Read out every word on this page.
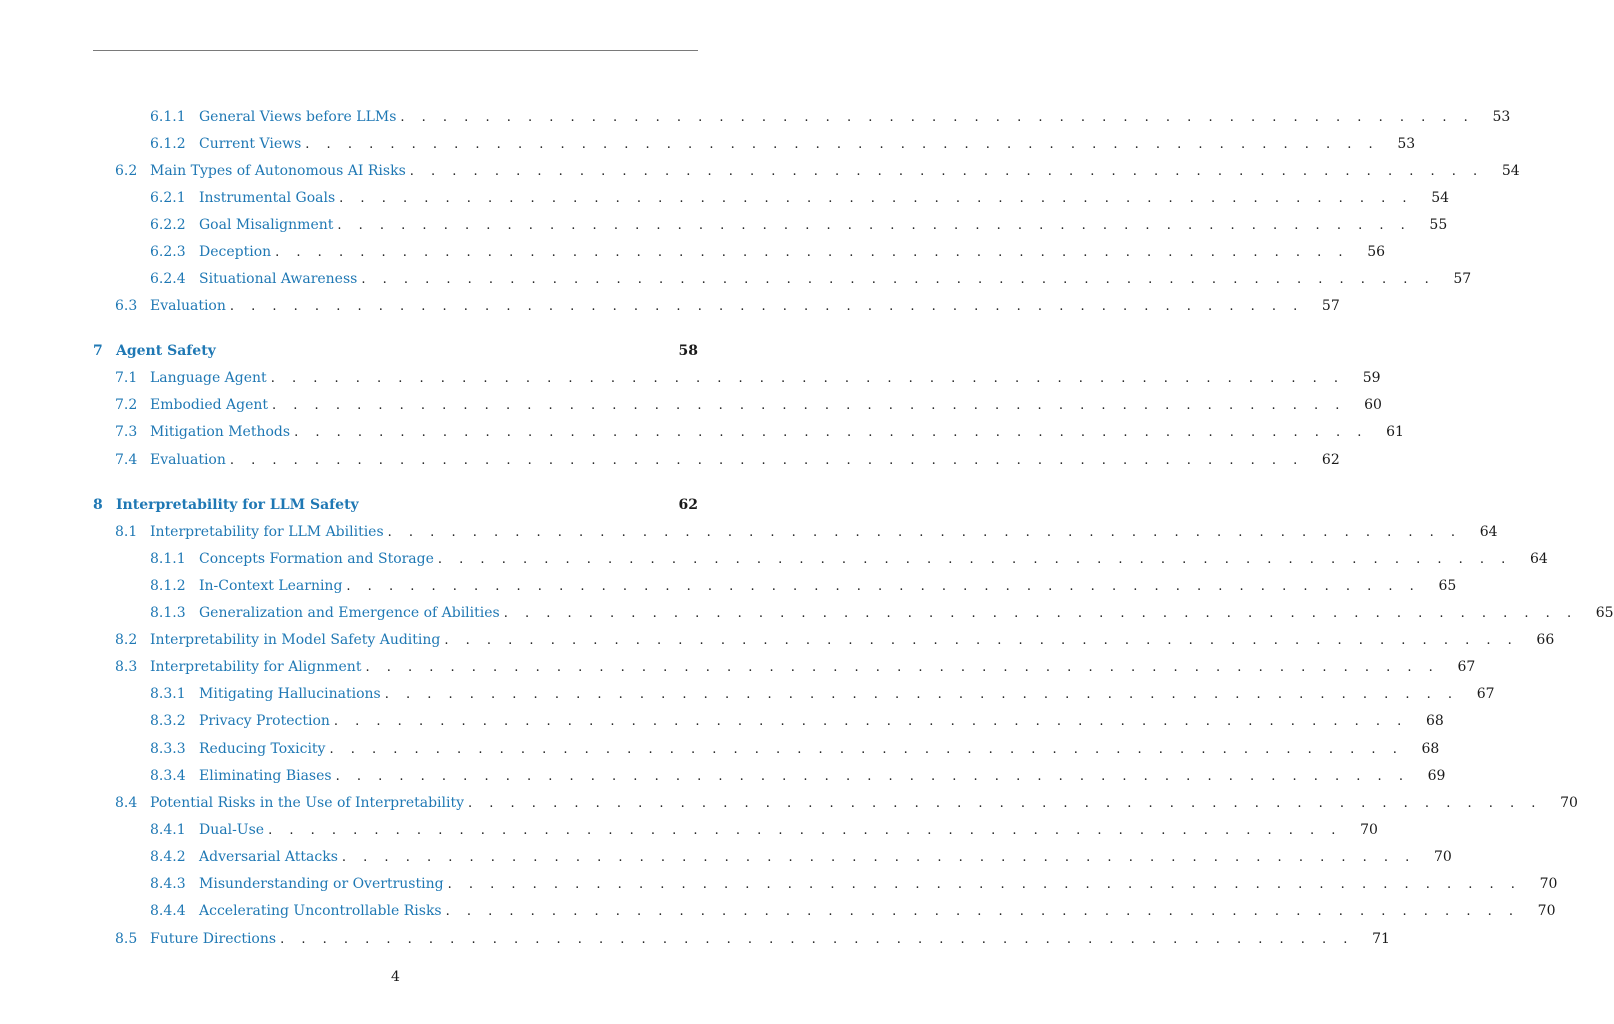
6.1.1 General Views before LLMs . . . . . . . . . . . . . . . . . . . . . . . . . . . . . . . . . . . . . . . . . . . . . . . . . . .	53
6.1.2 Current Views . . . . . . . . . . . . . . . . . . . . . . . . . . . . . . . . . . . . . . . . . . . . . . . . . . .	53
6.2 Main Types of Autonomous AI Risks . . . . . . . . . . . . . . . . . . . . . . . . . . . . . . . . . . . . . . . . . . . . . . . . . . .	54
6.2.1 Instrumental Goals . . . . . . . . . . . . . . . . . . . . . . . . . . . . . . . . . . . . . . . . . . . . . . . . . . .	54
6.2.2 Goal Misalignment . . . . . . . . . . . . . . . . . . . . . . . . . . . . . . . . . . . . . . . . . . . . . . . . . . .	55
6.2.3 Deception . . . . . . . . . . . . . . . . . . . . . . . . . . . . . . . . . . . . . . . . . . . . . . . . . . .	56
6.2.4 Situational Awareness . . . . . . . . . . . . . . . . . . . . . . . . . . . . . . . . . . . . . . . . . . . . . . . . . . .	57
6.3 Evaluation . . . . . . . . . . . . . . . . . . . . . . . . . . . . . . . . . . . . . . . . . . . . . . . . . . .	57
7 Agent Safety	58
7.1 Language Agent . . . . . . . . . . . . . . . . . . . . . . . . . . . . . . . . . . . . . . . . . . . . . . . . . . .	59
7.2 Embodied Agent . . . . . . . . . . . . . . . . . . . . . . . . . . . . . . . . . . . . . . . . . . . . . . . . . . .	60
7.3 Mitigation Methods . . . . . . . . . . . . . . . . . . . . . . . . . . . . . . . . . . . . . . . . . . . . . . . . . . .	61
7.4 Evaluation . . . . . . . . . . . . . . . . . . . . . . . . . . . . . . . . . . . . . . . . . . . . . . . . . . .	62
8 Interpretability for LLM Safety	62
8.1 Interpretability for LLM Abilities . . . . . . . . . . . . . . . . . . . . . . . . . . . . . . . . . . . . . . . . . . . . . . . . . . .	64
8.1.1 Concepts Formation and Storage . . . . . . . . . . . . . . . . . . . . . . . . . . . . . . . . . . . . . . . . . . . . . . . . . . .	64
8.1.2 In-Context Learning . . . . . . . . . . . . . . . . . . . . . . . . . . . . . . . . . . . . . . . . . . . . . . . . . . .	65
8.1.3 Generalization and Emergence of Abilities . . . . . . . . . . . . . . . . . . . . . . . . . . . . . . . . . . . . . . . . . . . . . . . . . . .	65
8.2 Interpretability in Model Safety Auditing . . . . . . . . . . . . . . . . . . . . . . . . . . . . . . . . . . . . . . . . . . . . . . . . . . .	66
8.3 Interpretability for Alignment . . . . . . . . . . . . . . . . . . . . . . . . . . . . . . . . . . . . . . . . . . . . . . . . . . .	67
8.3.1 Mitigating Hallucinations . . . . . . . . . . . . . . . . . . . . . . . . . . . . . . . . . . . . . . . . . . . . . . . . . . .	67
8.3.2 Privacy Protection . . . . . . . . . . . . . . . . . . . . . . . . . . . . . . . . . . . . . . . . . . . . . . . . . . .	68
8.3.3 Reducing Toxicity . . . . . . . . . . . . . . . . . . . . . . . . . . . . . . . . . . . . . . . . . . . . . . . . . . .	68
8.3.4 Eliminating Biases . . . . . . . . . . . . . . . . . . . . . . . . . . . . . . . . . . . . . . . . . . . . . . . . . . .	69
8.4 Potential Risks in the Use of Interpretability . . . . . . . . . . . . . . . . . . . . . . . . . . . . . . . . . . . . . . . . . . . . . . . . . . .	70
8.4.1 Dual-Use . . . . . . . . . . . . . . . . . . . . . . . . . . . . . . . . . . . . . . . . . . . . . . . . . . .	70
8.4.2 Adversarial Attacks . . . . . . . . . . . . . . . . . . . . . . . . . . . . . . . . . . . . . . . . . . . . . . . . . . .	70
8.4.3 Misunderstanding or Overtrusting . . . . . . . . . . . . . . . . . . . . . . . . . . . . . . . . . . . . . . . . . . . . . . . . . . .	70
8.4.4 Accelerating Uncontrollable Risks . . . . . . . . . . . . . . . . . . . . . . . . . . . . . . . . . . . . . . . . . . . . . . . . . . .	70
8.5 Future Directions . . . . . . . . . . . . . . . . . . . . . . . . . . . . . . . . . . . . . . . . . . . . . . . . . . .	71
4
